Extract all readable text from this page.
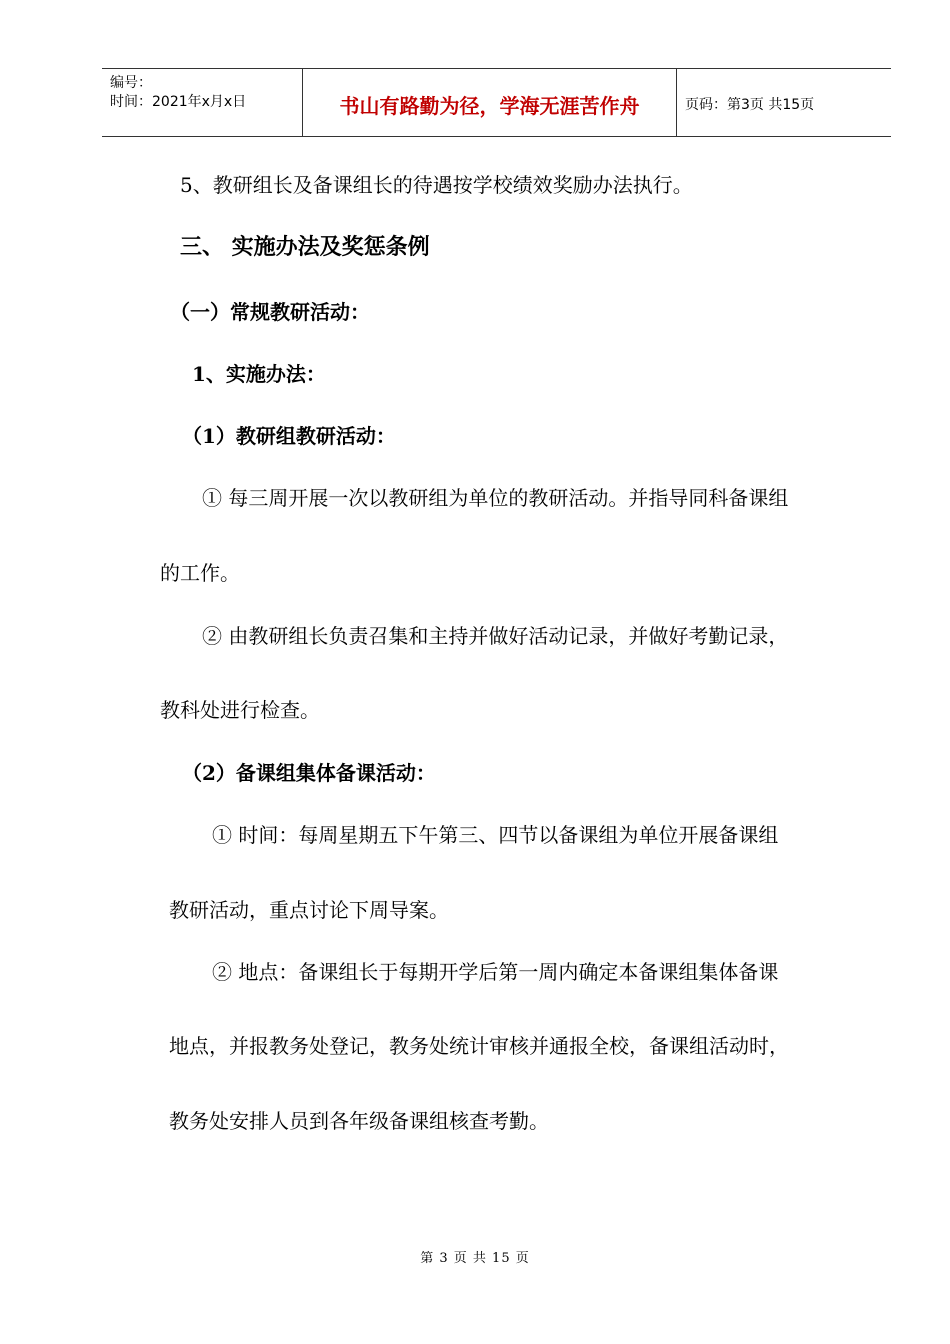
编号：
时间：2021年x月x日	书山有路勤为径，学海无涯苦作舟	页码：第3页 共15页
5、教研组长及备课组长的待遇按学校绩效奖励办法执行。
三、 实施办法及奖惩条例
（一）常规教研活动：
1、实施办法：
（1）教研组教研活动：
① 每三周开展一次以教研组为单位的教研活动。并指导同科备课组
的工作。
② 由教研组长负责召集和主持并做好活动记录，并做好考勤记录，
教科处进行检查。
（2）备课组集体备课活动：
① 时间：每周星期五下午第三、四节以备课组为单位开展备课组
教研活动，重点讨论下周导案。
② 地点：备课组长于每期开学后第一周内确定本备课组集体备课
地点，并报教务处登记，教务处统计审核并通报全校，备课组活动时，
教务处安排人员到各年级备课组核查考勤。
第 3 页 共 15 页
